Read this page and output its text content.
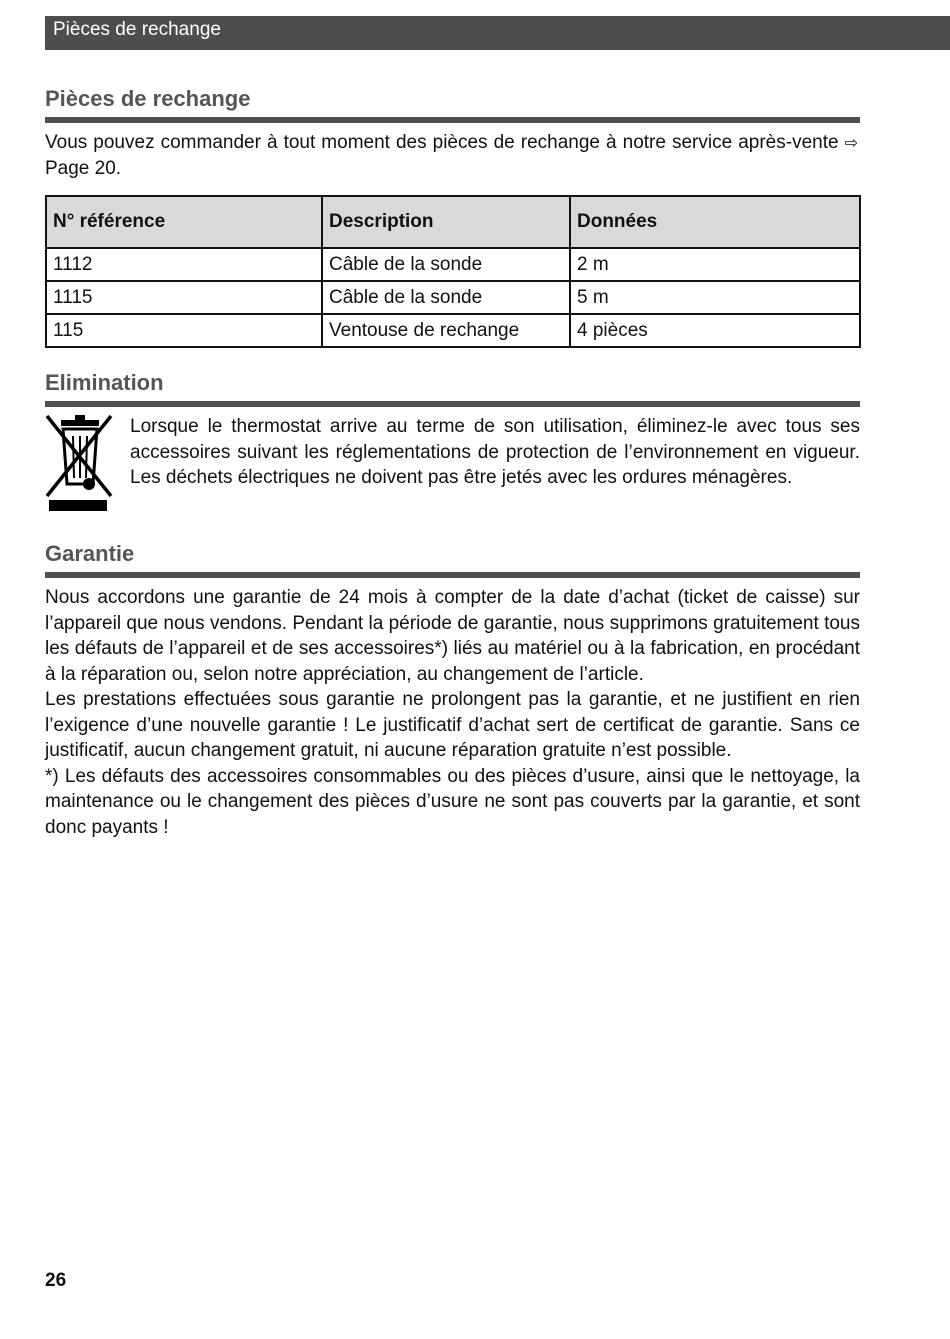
Pièces de rechange
Pièces de rechange

Vous pouvez commander à tout moment des pièces de rechange à notre service après-vente ⇨Page 20.

N° référence	Description	Données
1112	Câble de la sonde	2 m
1115	Câble de la sonde	5 m
115	Ventouse de rechange	4 pièces
Elimination

Lorsque le thermostat arrive au terme de son utilisation, éliminez-le avec tous ses accessoires suivant les réglementations de protection de l’environnement en vigueur. Les déchets électriques ne doivent pas être jetés avec les ordures ménagères.

Garantie

Nous accordons une garantie de 24 mois à compter de la date d’achat (ticket de caisse) sur l’appareil que nous vendons. Pendant la période de garantie, nous supprimons gratuitement tous les défauts de l’appareil et de ses accessoires*) liés au matériel ou à la fabrication, en procédant à la réparation ou, selon notre appréciation, au changement de l’article.

Les prestations effectuées sous garantie ne prolongent pas la garantie, et ne justifient en rien l’exigence d’une nouvelle garantie ! Le justificatif d’achat sert de certificat de garantie. Sans ce justificatif, aucun changement gratuit, ni aucune réparation gratuite n’est possible.

*) Les défauts des accessoires consommables ou des pièces d’usure, ainsi que le nettoyage, la maintenance ou le changement des pièces d’usure ne sont pas couverts par la garantie, et sont donc payants !

26
